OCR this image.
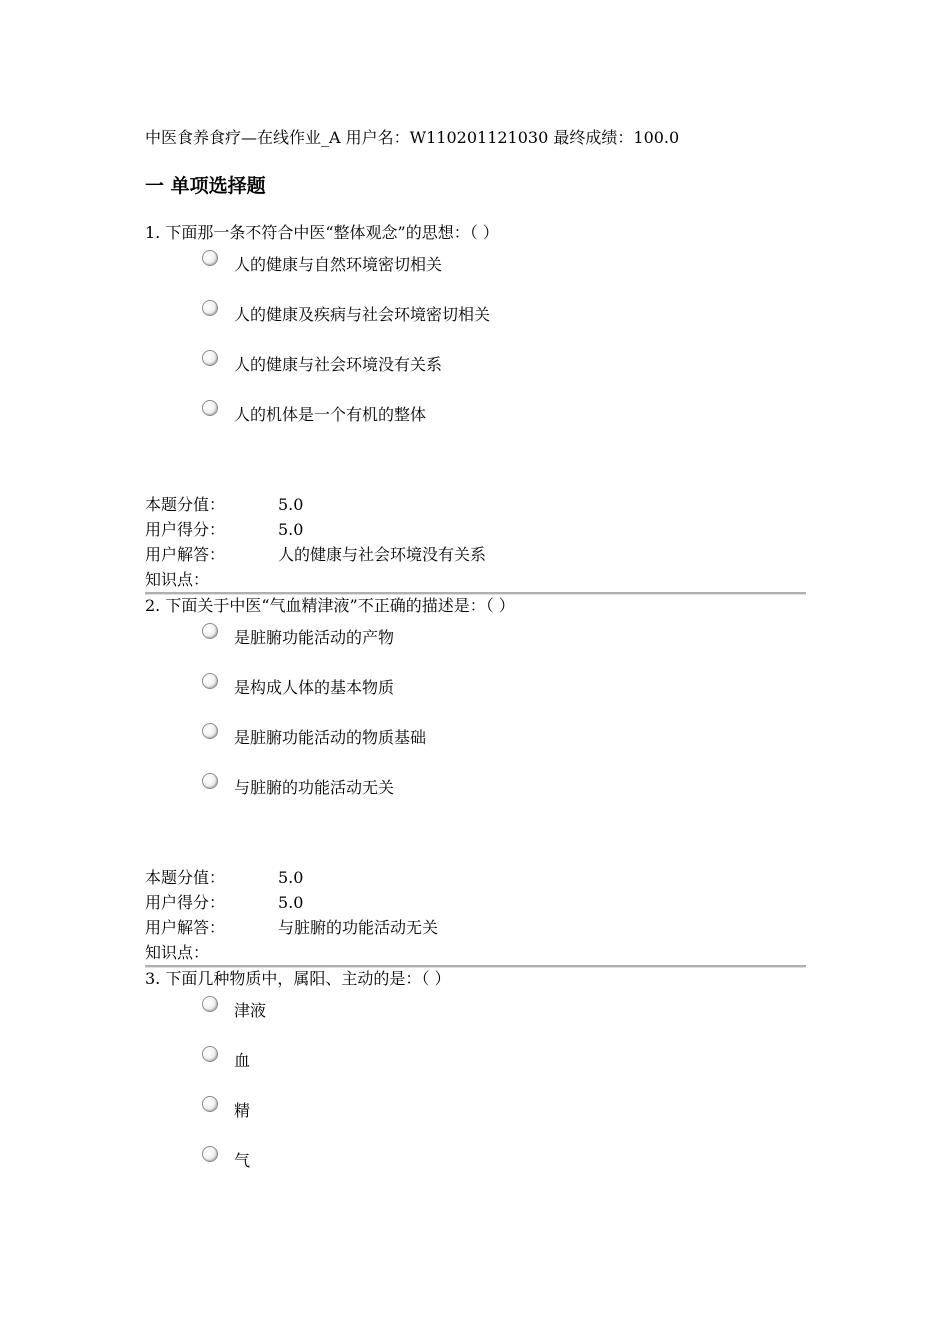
中医食养食疗—在线作业_A 用户名：W110201121030 最终成绩：100.0
一 单项选择题
1. 下面那一条不符合中医“整体观念”的思想：（ ）
人的健康与自然环境密切相关
人的健康及疾病与社会环境密切相关
人的健康与社会环境没有关系
人的机体是一个有机的整体
本题分值：	5.0
用户得分：	5.0
用户解答：	人的健康与社会环境没有关系
知识点：
2. 下面关于中医“气血精津液”不正确的描述是：（ ）
是脏腑功能活动的产物
是构成人体的基本物质
是脏腑功能活动的物质基础
与脏腑的功能活动无关
本题分值：	5.0
用户得分：	5.0
用户解答：	与脏腑的功能活动无关
知识点：
3. 下面几种物质中，属阳、主动的是：（ ）
津液
血
精
气
